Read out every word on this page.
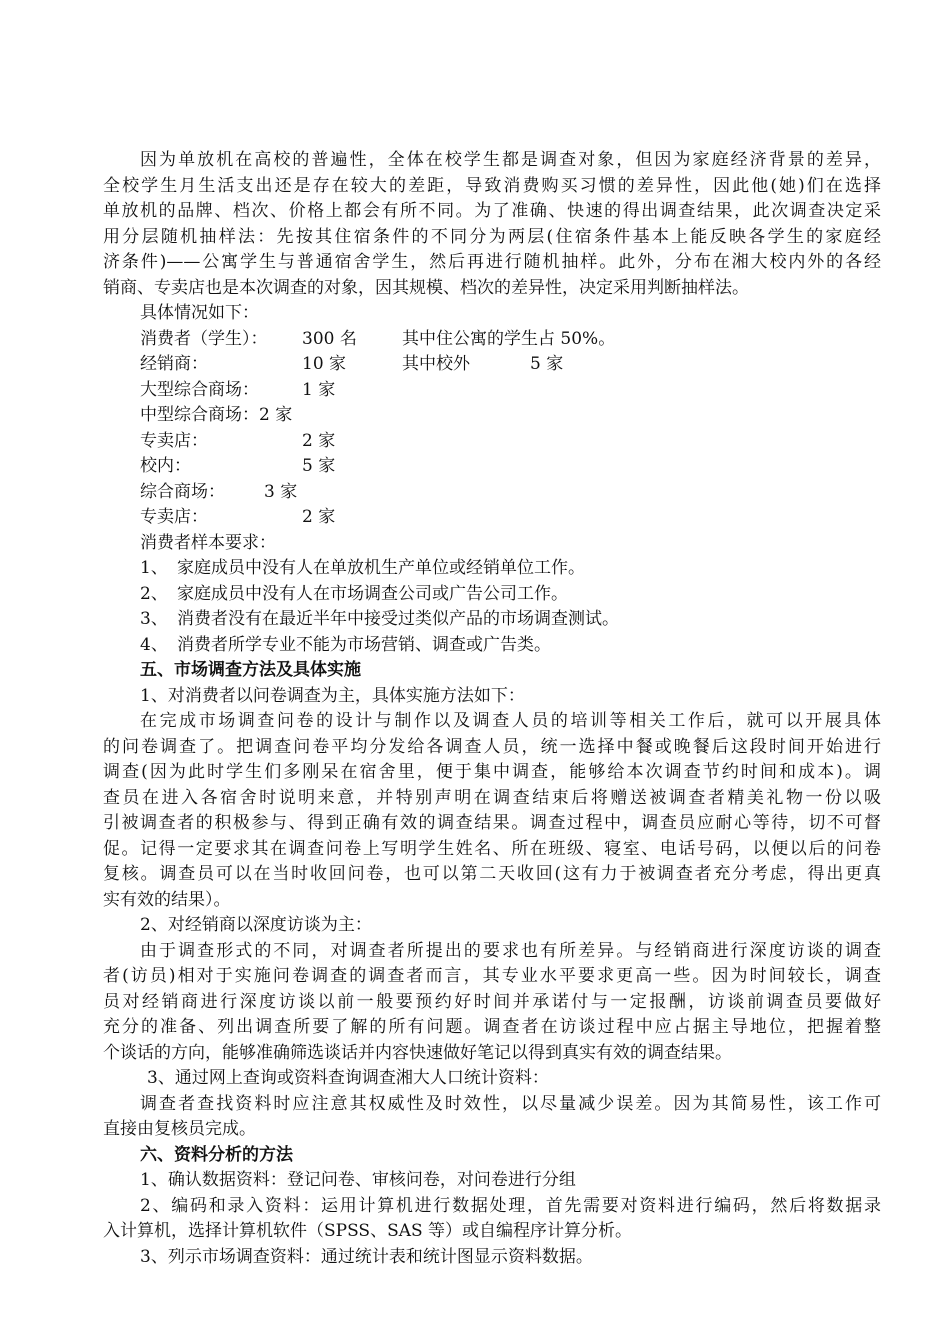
因为单放机在高校的普遍性，全体在校学生都是调查对象，但因为家庭经济背景的差异，
全校学生月生活支出还是存在较大的差距，导致消费购买习惯的差异性，因此他(她)们在选择
单放机的品牌、档次、价格上都会有所不同。为了准确、快速的得出调查结果，此次调查决定采
用分层随机抽样法：先按其住宿条件的不同分为两层(住宿条件基本上能反映各学生的家庭经
济条件)——公寓学生与普通宿舍学生，然后再进行随机抽样。此外，分布在湘大校内外的各经
销商、专卖店也是本次调查的对象，因其规模、档次的差异性，决定采用判断抽样法。
具体情况如下：
消费者（学生）： 300 名	其中住公寓的学生占 50%。
经销商：	10 家	其中校外	5 家
大型综合商场：	1 家
中型综合商场：2 家
专卖店：	2 家
校内：	5 家
综合商场： 3 家
专卖店：	2 家
消费者样本要求：
1、 家庭成员中没有人在单放机生产单位或经销单位工作。
2、 家庭成员中没有人在市场调查公司或广告公司工作。
3、 消费者没有在最近半年中接受过类似产品的市场调查测试。
4、 消费者所学专业不能为市场营销、调查或广告类。
五、市场调查方法及具体实施
1、对消费者以问卷调查为主，具体实施方法如下：
在完成市场调查问卷的设计与制作以及调查人员的培训等相关工作后，就可以开展具体
的问卷调查了。把调查问卷平均分发给各调查人员，统一选择中餐或晚餐后这段时间开始进行
调查(因为此时学生们多刚呆在宿舍里，便于集中调查，能够给本次调查节约时间和成本)。调
查员在进入各宿舍时说明来意，并特别声明在调查结束后将赠送被调查者精美礼物一份以吸
引被调查者的积极参与、得到正确有效的调查结果。调查过程中，调查员应耐心等待，切不可督
促。记得一定要求其在调查问卷上写明学生姓名、所在班级、寝室、电话号码，以便以后的问卷
复核。调查员可以在当时收回问卷，也可以第二天收回(这有力于被调查者充分考虑，得出更真
实有效的结果）。
2、对经销商以深度访谈为主：
由于调查形式的不同，对调查者所提出的要求也有所差异。与经销商进行深度访谈的调查
者(访员)相对于实施问卷调查的调查者而言，其专业水平要求更高一些。因为时间较长，调查
员对经销商进行深度访谈以前一般要预约好时间并承诺付与一定报酬，访谈前调查员要做好
充分的准备、列出调查所要了解的所有问题。调查者在访谈过程中应占据主导地位，把握着整
个谈话的方向，能够准确筛选谈话并内容快速做好笔记以得到真实有效的调查结果。
3、通过网上查询或资料查询调查湘大人口统计资料：
调查者查找资料时应注意其权威性及时效性，以尽量减少误差。因为其简易性，该工作可
直接由复核员完成。
六、资料分析的方法
1、确认数据资料：登记问卷、审核问卷，对问卷进行分组
2、编码和录入资料：运用计算机进行数据处理，首先需要对资料进行编码，然后将数据录
入计算机，选择计算机软件（SPSS、SAS 等）或自编程序计算分析。
3、列示市场调查资料：通过统计表和统计图显示资料数据。
